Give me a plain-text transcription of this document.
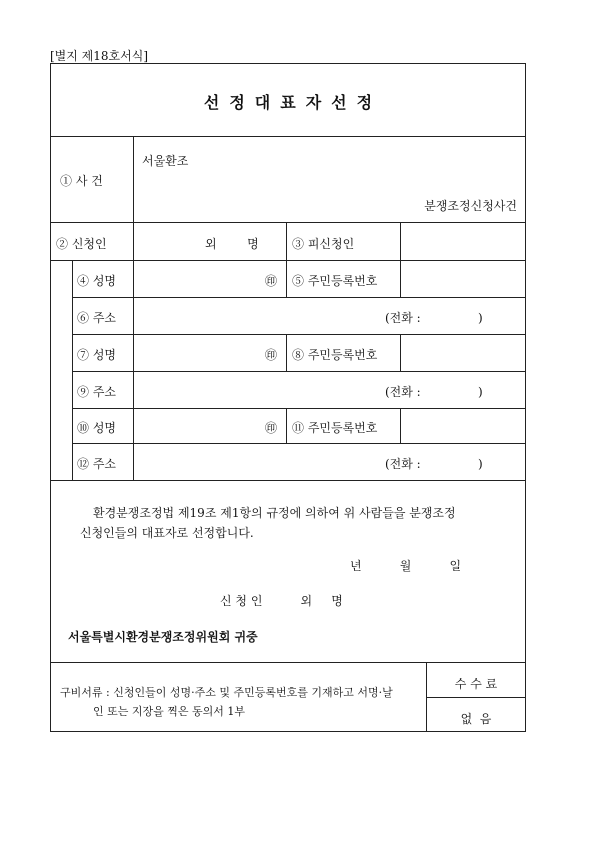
[별지 제18호서식]
선정대표자선정
① 사 건
서울환조
분쟁조정신청사건
② 신청인	외        명	③ 피신청인
④ 성명	㊞ ⑤ 주민등록번호
⑥ 주소	(전화 :               )
⑦ 성명	㊞ ⑧ 주민등록번호
⑨ 주소	(전화 :               )
⑩ 성명	㊞ ⑪ 주민등록번호
⑫ 주소	(전화 :               )
환경분쟁조정법 제19조 제1항의 규정에 의하여 위 사람들을 분쟁조정
신청인들의 대표자로 선정합니다.
년          월          일
신 청 인          외     명
서울특별시환경분쟁조정위원회 귀중
구비서류 : 신청인들이 성명·주소 및 주민등록번호를 기재하고 서명·날
인 또는 지장을 찍은 동의서 1부
수 수 료
없  음
